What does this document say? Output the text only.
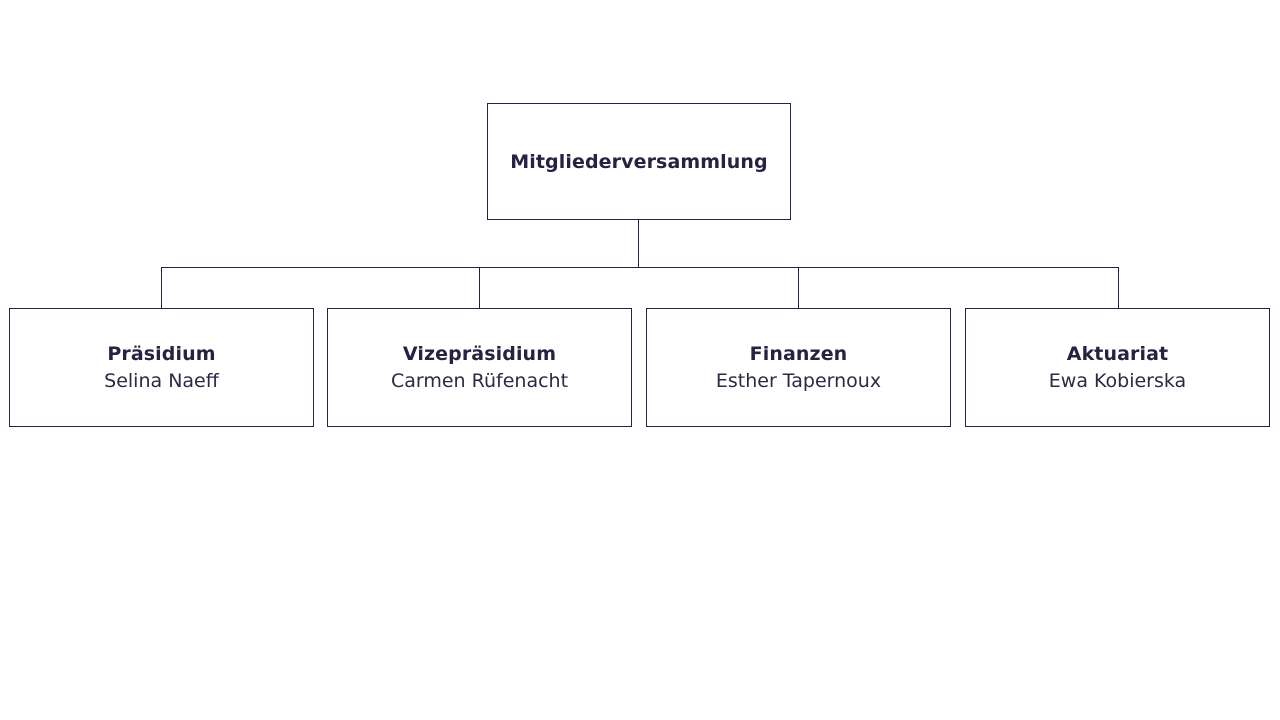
Mitgliederversammlung
Präsidium
Selina Naeff
Vizepräsidium
Carmen Rüfenacht
Finanzen
Esther Tapernoux
Aktuariat
Ewa Kobierska
